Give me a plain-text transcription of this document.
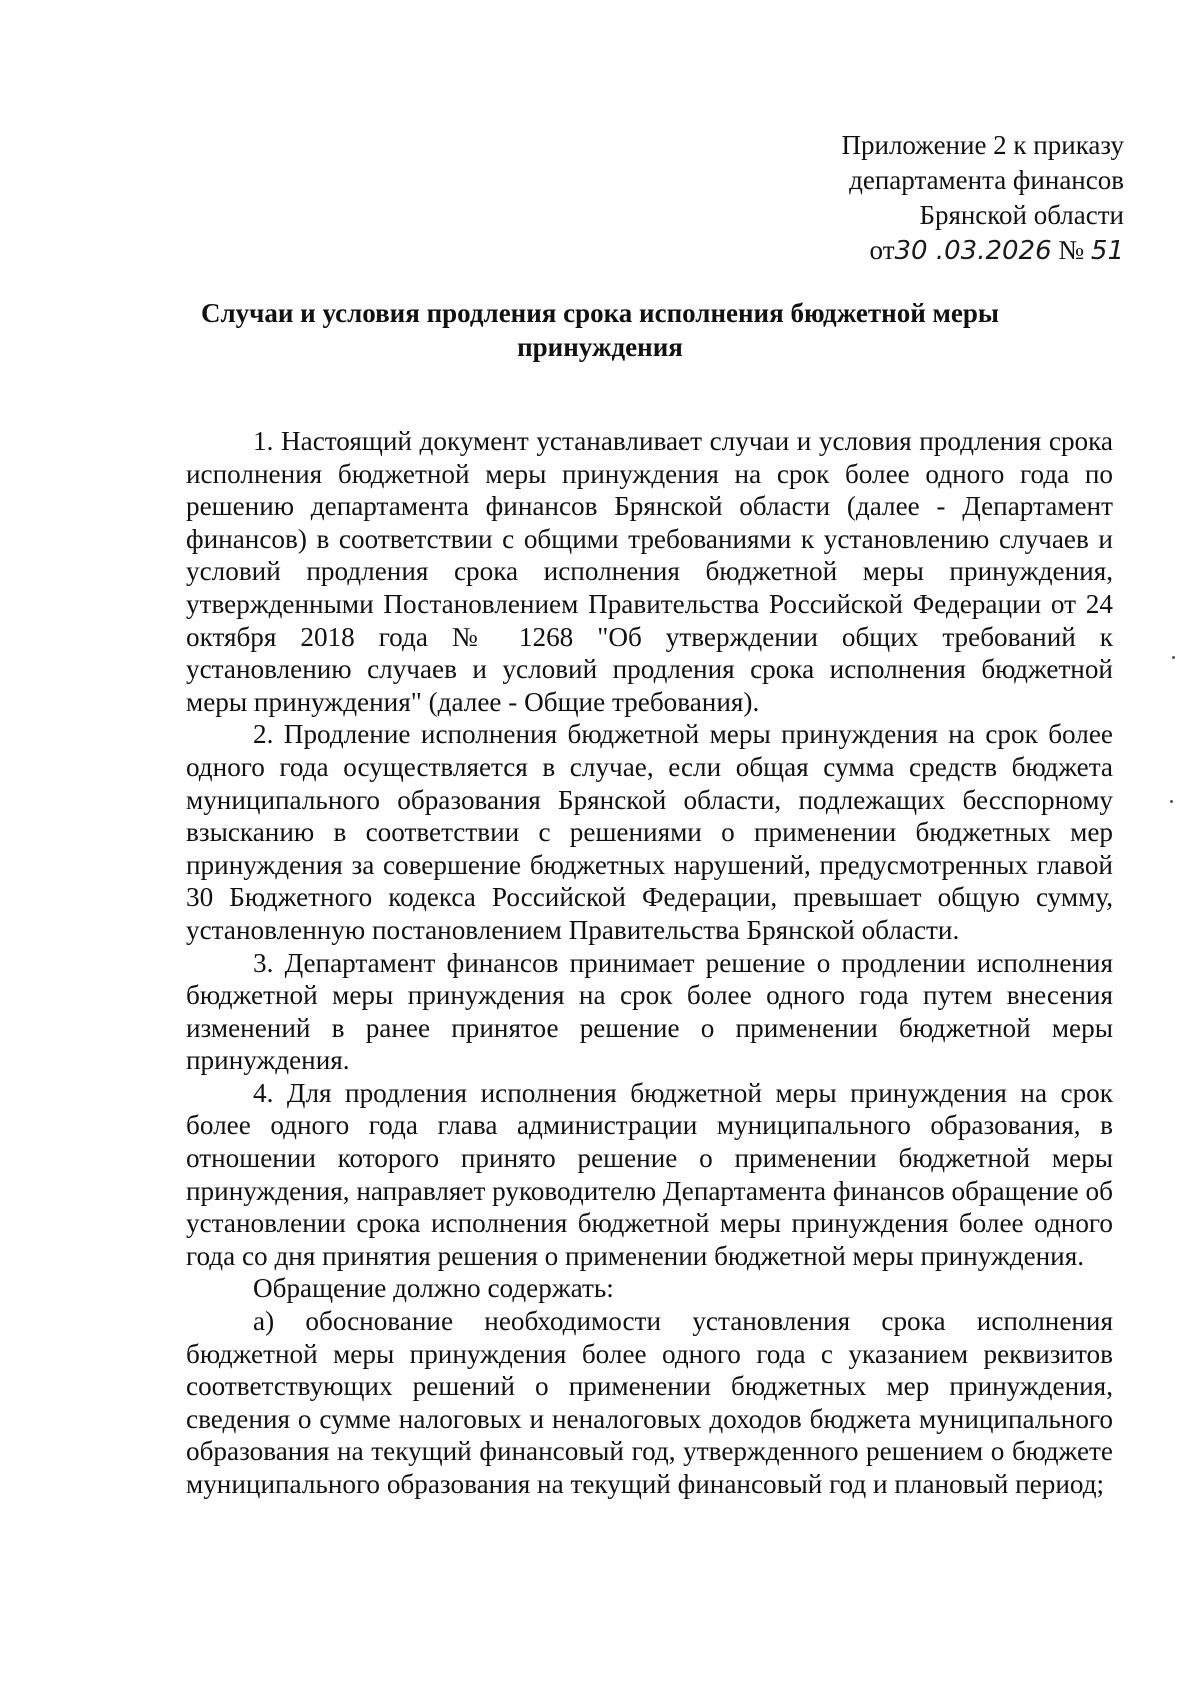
Приложение 2 к приказу
департамента финансов
Брянской области
от30 .03.2026 № 51
Случаи и условия продления срока исполнения бюджетной меры
принуждения

1. Настоящий документ устанавливает случаи и условия продления срока исполнения бюджетной меры принуждения на срок более одного года по решению департамента финансов Брянской области (далее - Департамент финансов) в соответствии с общими требованиями к установлению случаев и условий продления срока исполнения бюджетной меры принуждения, утвержденными Постановлением Правительства Российской Федерации от 24 октября 2018 года № 1268 "Об утверждении общих требований к установлению случаев и условий продления срока исполнения бюджетной меры принуждения" (далее - Общие требования).

2. Продление исполнения бюджетной меры принуждения на срок более одного года осуществляется в случае, если общая сумма средств бюджета муниципального образования Брянской области, подлежащих бесспорному взысканию в соответствии с решениями о применении бюджетных мер принуждения за совершение бюджетных нарушений, предусмотренных главой 30 Бюджетного кодекса Российской Федерации, превышает общую сумму, установленную постановлением Правительства Брянской области.

3. Департамент финансов принимает решение о продлении исполнения бюджетной меры принуждения на срок более одного года путем внесения изменений в ранее принятое решение о применении бюджетной меры принуждения.

4. Для продления исполнения бюджетной меры принуждения на срок более одного года глава администрации муниципального образования, в отношении которого принято решение о применении бюджетной меры принуждения, направляет руководителю Департамента финансов обращение об установлении срока исполнения бюджетной меры принуждения более одного года со дня принятия решения о применении бюджетной меры принуждения.

Обращение должно содержать:

а) обоснование необходимости установления срока исполнения бюджетной меры принуждения более одного года с указанием реквизитов соответствующих решений о применении бюджетных мер принуждения, сведения о сумме налоговых и неналоговых доходов бюджета муниципального образования на текущий финансовый год, утвержденного решением о бюджете муниципального образования на текущий финансовый год и плановый период;
